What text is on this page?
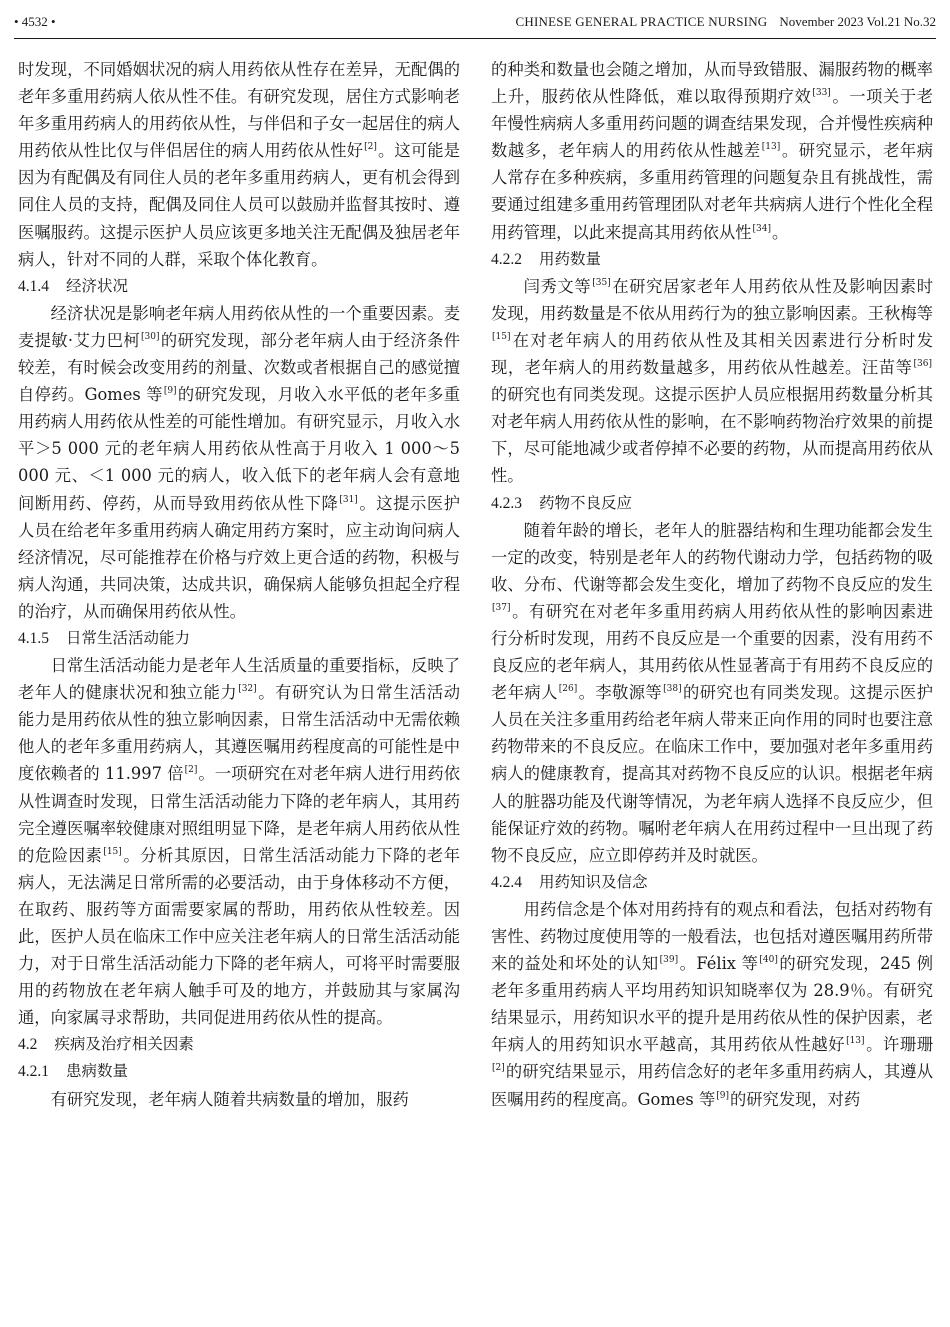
• 4532 •	CHINESE GENERAL PRACTICE NURSING November 2023 Vol.21 No.32

时发现，不同婚姻状况的病人用药依从性存在差异，无配偶的老年多重用药病人依从性不佳。有研究发现，居住方式影响老年多重用药病人的用药依从性，与伴侣和子女一起居住的病人用药依从性比仅与伴侣居住的病人用药依从性好[2]。这可能是因为有配偶及有同住人员的老年多重用药病人，更有机会得到同住人员的支持，配偶及同住人员可以鼓励并监督其按时、遵医嘱服药。这提示医护人员应该更多地关注无配偶及独居老年病人，针对不同的人群，采取个体化教育。

4.1.4 经济状况

经济状况是影响老年病人用药依从性的一个重要因素。麦麦提敏·艾力巴柯[30]的研究发现，部分老年病人由于经济条件较差，有时候会改变用药的剂量、次数或者根据自己的感觉擅自停药。Gomes 等[9]的研究发现，月收入水平低的老年多重用药病人用药依从性差的可能性增加。有研究显示，月收入水平＞5 000 元的老年病人用药依从性高于月收入 1 000～5 000 元、＜1 000 元的病人，收入低下的老年病人会有意地间断用药、停药，从而导致用药依从性下降[31]。这提示医护人员在给老年多重用药病人确定用药方案时，应主动询问病人经济情况，尽可能推荐在价格与疗效上更合适的药物，积极与病人沟通，共同决策，达成共识，确保病人能够负担起全疗程的治疗，从而确保用药依从性。

4.1.5 日常生活活动能力

日常生活活动能力是老年人生活质量的重要指标，反映了老年人的健康状况和独立能力[32]。有研究认为日常生活活动能力是用药依从性的独立影响因素，日常生活活动中无需依赖他人的老年多重用药病人，其遵医嘱用药程度高的可能性是中度依赖者的 11.997 倍[2]。一项研究在对老年病人进行用药依从性调查时发现，日常生活活动能力下降的老年病人，其用药完全遵医嘱率较健康对照组明显下降，是老年病人用药依从性的危险因素[15]。分析其原因，日常生活活动能力下降的老年病人，无法满足日常所需的必要活动，由于身体移动不方便，在取药、服药等方面需要家属的帮助，用药依从性较差。因此，医护人员在临床工作中应关注老年病人的日常生活活动能力，对于日常生活活动能力下降的老年病人，可将平时需要服用的药物放在老年病人触手可及的地方，并鼓励其与家属沟通，向家属寻求帮助，共同促进用药依从性的提高。

4.2 疾病及治疗相关因素

4.2.1 患病数量

有研究发现，老年病人随着共病数量的增加，服药

的种类和数量也会随之增加，从而导致错服、漏服药物的概率上升，服药依从性降低，难以取得预期疗效[33]。一项关于老年慢性病病人多重用药问题的调查结果发现，合并慢性疾病种数越多，老年病人的用药依从性越差[13]。研究显示，老年病人常存在多种疾病，多重用药管理的问题复杂且有挑战性，需要通过组建多重用药管理团队对老年共病病人进行个性化全程用药管理，以此来提高其用药依从性[34]。

4.2.2 用药数量

闫秀文等[35]在研究居家老年人用药依从性及影响因素时发现，用药数量是不依从用药行为的独立影响因素。王秋梅等[15]在对老年病人的用药依从性及其相关因素进行分析时发现，老年病人的用药数量越多，用药依从性越差。汪苗等[36]的研究也有同类发现。这提示医护人员应根据用药数量分析其对老年病人用药依从性的影响，在不影响药物治疗效果的前提下，尽可能地减少或者停掉不必要的药物，从而提高用药依从性。

4.2.3 药物不良反应

随着年龄的增长，老年人的脏器结构和生理功能都会发生一定的改变，特别是老年人的药物代谢动力学，包括药物的吸收、分布、代谢等都会发生变化，增加了药物不良反应的发生[37]。有研究在对老年多重用药病人用药依从性的影响因素进行分析时发现，用药不良反应是一个重要的因素，没有用药不良反应的老年病人，其用药依从性显著高于有用药不良反应的老年病人[26]。李敬源等[38]的研究也有同类发现。这提示医护人员在关注多重用药给老年病人带来正向作用的同时也要注意药物带来的不良反应。在临床工作中，要加强对老年多重用药病人的健康教育，提高其对药物不良反应的认识。根据老年病人的脏器功能及代谢等情况，为老年病人选择不良反应少，但能保证疗效的药物。嘱咐老年病人在用药过程中一旦出现了药物不良反应，应立即停药并及时就医。

4.2.4 用药知识及信念

用药信念是个体对用药持有的观点和看法，包括对药物有害性、药物过度使用等的一般看法，也包括对遵医嘱用药所带来的益处和坏处的认知[39]。Félix 等[40]的研究发现，245 例老年多重用药病人平均用药知识知晓率仅为 28.9％。有研究结果显示，用药知识水平的提升是用药依从性的保护因素，老年病人的用药知识水平越高，其用药依从性越好[13]。许珊珊[2]的研究结果显示，用药信念好的老年多重用药病人，其遵从医嘱用药的程度高。Gomes 等[9]的研究发现，对药
